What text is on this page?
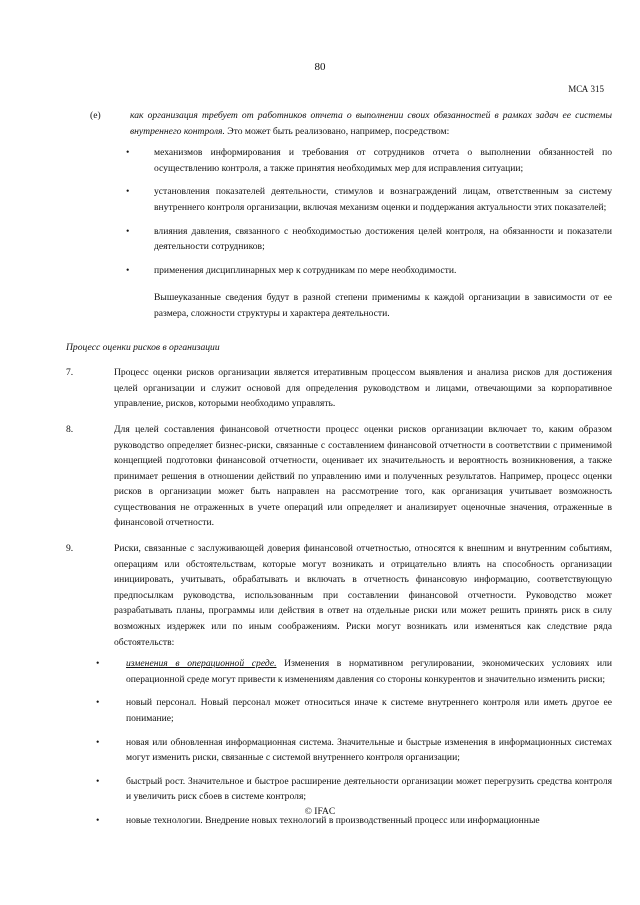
80
МСА 315
(е)	как организация требует от работников отчета о выполнении своих обязанностей в рамках задач ее системы внутреннего контроля. Это может быть реализовано, например, посредством:
•	механизмов информирования и требования от сотрудников отчета о выполнении обязанностей по осуществлению контроля, а также принятия необходимых мер для исправления ситуации;
•	установления показателей деятельности, стимулов и вознаграждений лицам, ответственным за систему внутреннего контроля организации, включая механизм оценки и поддержания актуальности этих показателей;
•	влияния давления, связанного с необходимостью достижения целей контроля, на обязанности и показатели деятельности сотрудников;
•	применения дисциплинарных мер к сотрудникам по мере необходимости.
Вышеуказанные сведения будут в разной степени применимы к каждой организации в зависимости от ее размера, сложности структуры и характера деятельности.
Процесс оценки рисков в организации
7.	Процесс оценки рисков организации является итеративным процессом выявления и анализа рисков для достижения целей организации и служит основой для определения руководством и лицами, отвечающими за корпоративное управление, рисков, которыми необходимо управлять.
8.	Для целей составления финансовой отчетности процесс оценки рисков организации включает то, каким образом руководство определяет бизнес-риски, связанные с составлением финансовой отчетности в соответствии с применимой концепцией подготовки финансовой отчетности, оценивает их значительность и вероятность возникновения, а также принимает решения в отношении действий по управлению ими и полученных результатов. Например, процесс оценки рисков в организации может быть направлен на рассмотрение того, как организация учитывает возможность существования не отраженных в учете операций или определяет и анализирует оценочные значения, отраженные в финансовой отчетности.
9.	Риски, связанные с заслуживающей доверия финансовой отчетностью, относятся к внешним и внутренним событиям, операциям или обстоятельствам, которые могут возникать и отрицательно влиять на способность организации инициировать, учитывать, обрабатывать и включать в отчетность финансовую информацию, соответствующую предпосылкам руководства, использованным при составлении финансовой отчетности. Руководство может разрабатывать планы, программы или действия в ответ на отдельные риски или может решить принять риск в силу возможных издержек или по иным соображениям. Риски могут возникать или изменяться как следствие ряда обстоятельств:
•	изменения в операционной среде. Изменения в нормативном регулировании, экономических условиях или операционной среде могут привести к изменениям давления со стороны конкурентов и значительно изменить риски;
•	новый персонал. Новый персонал может относиться иначе к системе внутреннего контроля или иметь другое ее понимание;
•	новая или обновленная информационная система. Значительные и быстрые изменения в информационных системах могут изменить риски, связанные с системой внутреннего контроля организации;
•	быстрый рост. Значительное и быстрое расширение деятельности организации может перегрузить средства контроля и увеличить риск сбоев в системе контроля;
•	новые технологии. Внедрение новых технологий в производственный процесс или информационные
© IFAC
